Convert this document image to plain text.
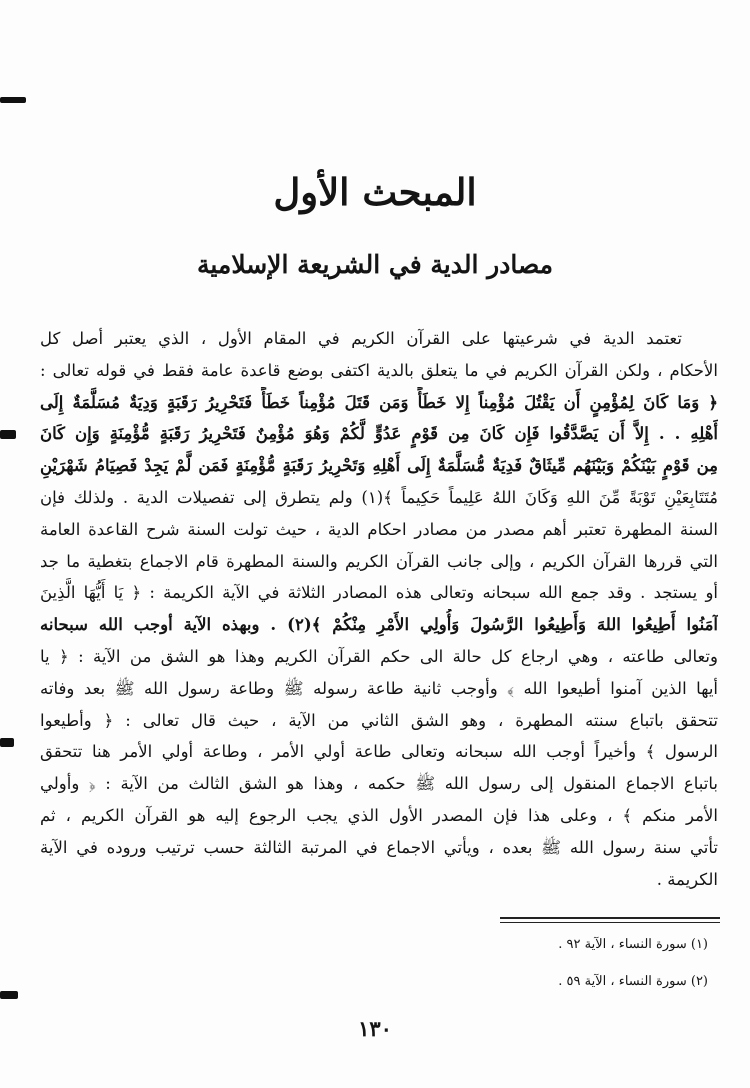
المبحث الأول
مصادر الدية في الشريعة الإسلامية
تعتمد الدية في شرعيتها على القرآن الكريم في المقام الأول ، الذي يعتبر أصل كل
الأحكام ، ولكن القرآن الكريم في ما يتعلق بالدية اكتفى بوضع قاعدة عامة فقط في قوله تعالى :
﴿ وَمَا كَانَ لِمُؤْمِنٍ أَن يَقْتُلَ مُؤْمِناً إِلا خَطَأً وَمَن قَتَلَ مُؤْمِناً خَطَأً فَتَحْرِيرُ رَقَبَةٍ وَدِيَةٌ مُسَلَّمَةٌ إِلَى
أَهْلِهِ . . إِلاَّ أَن يَصَّدَّقُوا فَإِن كَانَ مِن قَوْمٍ عَدُوٍّ لَّكُمْ وَهُوَ مُؤْمِنٌ فَتَحْرِيرُ رَقَبَةٍ مُّؤْمِنَةٍ وَإِن كَانَ
مِن قَوْمٍ بَيْنَكُمْ وَبَيْنَهُم مِّيثَاقٌ فَدِيَةٌ مُّسَلَّمَةٌ إِلَى أَهْلِهِ وَتَحْرِيرُ رَقَبَةٍ مُّؤْمِنَةٍ فَمَن لَّمْ يَجِدْ فَصِيَامُ شَهْرَيْنِ
مُتَتَابِعَيْنِ تَوْبَةً مِّنَ اللهِ وَكَانَ اللهُ عَلِيماً حَكِيماً ﴾(١) ولم يتطرق إلى تفصيلات الدية . ولذلك فإن
السنة المطهرة تعتبر أهم مصدر من مصادر احكام الدية ، حيث تولت السنة شرح القاعدة العامة
التي قررها القرآن الكريم ، وإلى جانب القرآن الكريم والسنة المطهرة قام الاجماع بتغطية ما جد
أو يستجد . وقد جمع الله سبحانه وتعالى هذه المصادر الثلاثة في الآية الكريمة : ﴿ يَا أَيُّهَا الَّذِينَ
آمَنُوا أَطِيعُوا اللهَ وَأَطِيعُوا الرَّسُولَ وَأُولِي الأَمْرِ مِنْكُمْ ﴾(٢) . وبهذه الآية أوجب الله سبحانه
وتعالى طاعته ، وهي ارجاع كل حالة الى حكم القرآن الكريم وهذا هو الشق من الآية : ﴿ يا
أيها الذين آمنوا أطيعوا الله ﴾ وأوجب ثانية طاعة رسوله ﷺ وطاعة رسول الله ﷺ بعد وفاته
تتحقق باتباع سنته المطهرة ، وهو الشق الثاني من الآية ، حيث قال تعالى : ﴿ وأطيعوا
الرسول ﴾ وأخيراً أوجب الله سبحانه وتعالى طاعة أولي الأمر ، وطاعة أولي الأمر هنا تتحقق
باتباع الاجماع المنقول إلى رسول الله ﷺ حكمه ، وهذا هو الشق الثالث من الآية : ﴿ وأولي
الأمر منكم ﴾ ، وعلى هذا فإن المصدر الأول الذي يجب الرجوع إليه هو القرآن الكريم ، ثم
تأتي سنة رسول الله ﷺ بعده ، ويأتي الاجماع في المرتبة الثالثة حسب ترتيب وروده في الآية
الكريمة .
(١) سورة النساء ، الآية ٩٢ .
(٢) سورة النساء ، الآية ٥٩ .
١٣٠
